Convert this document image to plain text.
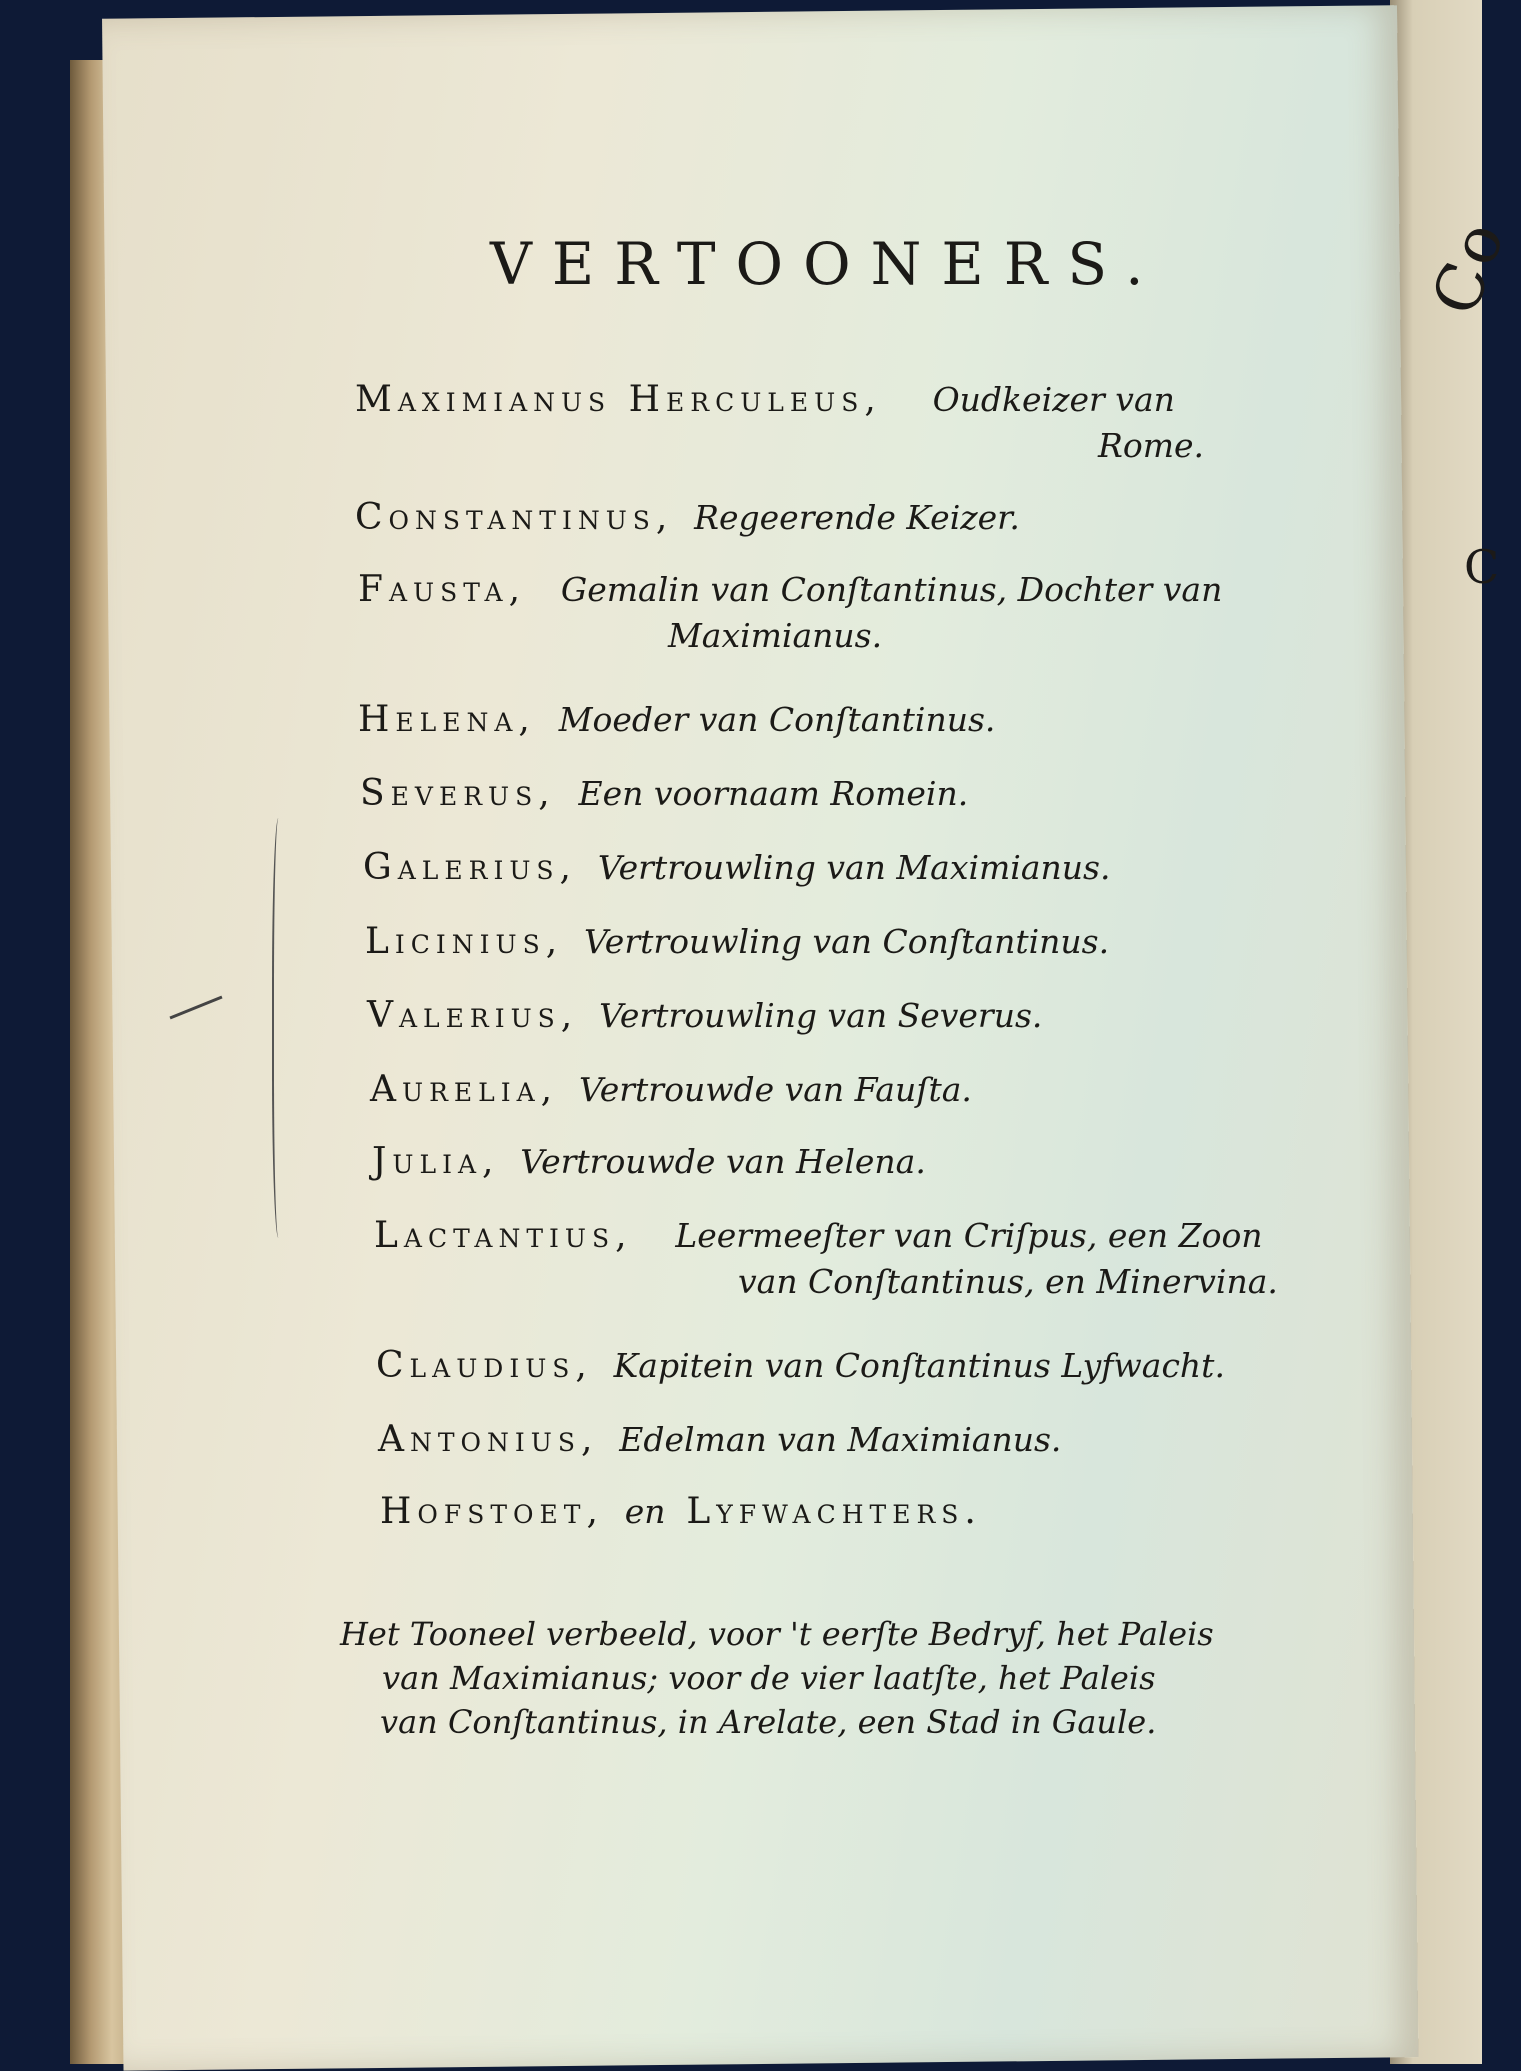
Co
C
VERTOONERS.
Maximianus Herculeus, Oudkeizer van
Rome.
Constantinus, Regeerende Keizer.
Fausta, Gemalin van Conſtantinus, Dochter van
Maximianus.
Helena, Moeder van Conſtantinus.
Severus, Een voornaam Romein.
Galerius, Vertrouwling van Maximianus.
Licinius, Vertrouwling van Conſtantinus.
Valerius, Vertrouwling van Severus.
Aurelia, Vertrouwde van Fauſta.
Julia, Vertrouwde van Helena.
Lactantius, Leermeeſter van Criſpus, een Zoon
van Conſtantinus, en Minervina.
Claudius, Kapitein van Conſtantinus Lyfwacht.
Antonius, Edelman van Maximianus.
Hofstoet, en Lyfwachters.
Het Tooneel verbeeld, voor 't eerſte Bedryf, het Paleis
van Maximianus; voor de vier laatſte, het Paleis
van Conſtantinus, in Arelate, een Stad in Gaule.
